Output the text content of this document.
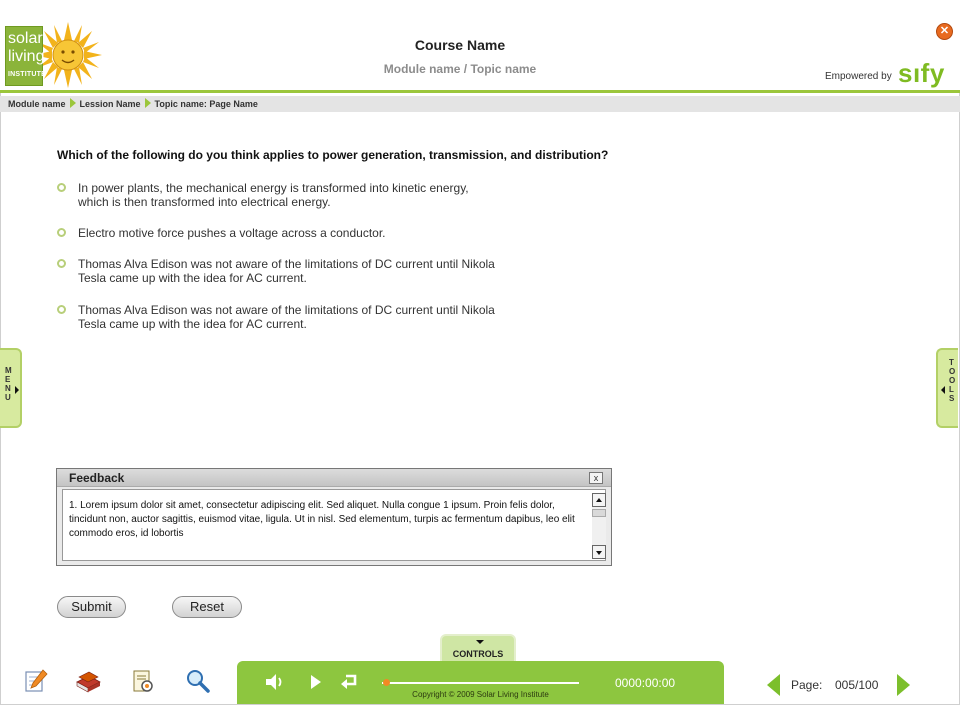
solar
living
INSTITUTE
Course Name
Module name / Topic name
✕
Empowered by sıfy
Module name Lession Name Topic name: Page Name
Which of the following do you think applies to power generation, transmission, and distribution?
In power plants, the mechanical energy is transformed into kinetic energy,
which is then transformed into electrical energy.
Electro motive force pushes a voltage across a conductor.
Thomas Alva Edison was not aware of the limitations of DC current until Nikola
Tesla came up with the idea for AC current.
Thomas Alva Edison was not aware of the limitations of DC current until Nikola
Tesla came up with the idea for AC current.
M
E
N
U
T
O
O
L
S
Feedback	x
1. Lorem ipsum dolor sit amet, consectetur adipiscing elit. Sed aliquet. Nulla congue 1 ipsum. Proin felis dolor, tincidunt non, auctor sagittis, euismod vitae, ligula. Ut in nisl. Sed elementum, turpis ac fermentum dapibus, leo elit commodo eros, id lobortis
Submit	Reset
CONTROLS
Copyright © 2009 Solar Living Institute
0000:00:00	Page: 005/100
